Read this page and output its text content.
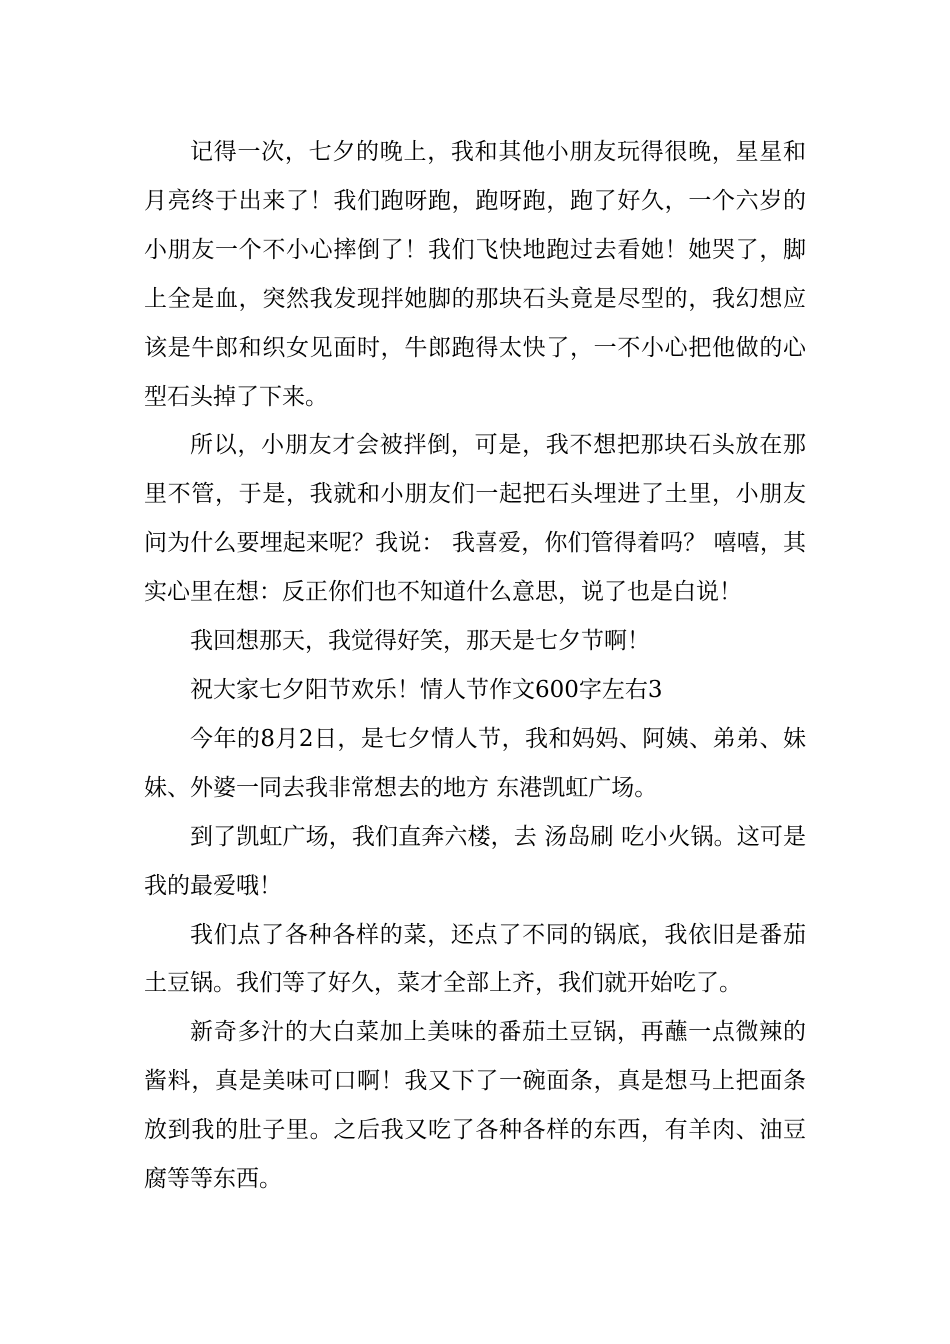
记得一次，七夕的晚上，我和其他小朋友玩得很晚，星星和月亮终于出来了！我们跑呀跑，跑呀跑，跑了好久，一个六岁的小朋友一个不小心摔倒了！我们飞快地跑过去看她！她哭了，脚上全是血，突然我发现拌她脚的那块石头竟是尽型的，我幻想应该是牛郎和织女见面时，牛郎跑得太快了，一不小心把他做的心型石头掉了下来。

所以，小朋友才会被拌倒，可是，我不想把那块石头放在那里不管，于是，我就和小朋友们一起把石头埋进了土里，小朋友问为什么要埋起来呢？我说： 我喜爱，你们管得着吗？ 嘻嘻，其实心里在想：反正你们也不知道什么意思，说了也是白说！

我回想那天，我觉得好笑，那天是七夕节啊！

祝大家七夕阳节欢乐！情人节作文600字左右3

今年的8月2日，是七夕情人节，我和妈妈、阿姨、弟弟、妹妹、外婆一同去我非常想去的地方 东港凯虹广场。

到了凯虹广场，我们直奔六楼，去 汤岛刷 吃小火锅。这可是我的最爱哦！

我们点了各种各样的菜，还点了不同的锅底，我依旧是番茄土豆锅。我们等了好久，菜才全部上齐，我们就开始吃了。

新奇多汁的大白菜加上美味的番茄土豆锅，再蘸一点微辣的酱料，真是美味可口啊！我又下了一碗面条，真是想马上把面条放到我的肚子里。之后我又吃了各种各样的东西，有羊肉、油豆腐等等东西。
